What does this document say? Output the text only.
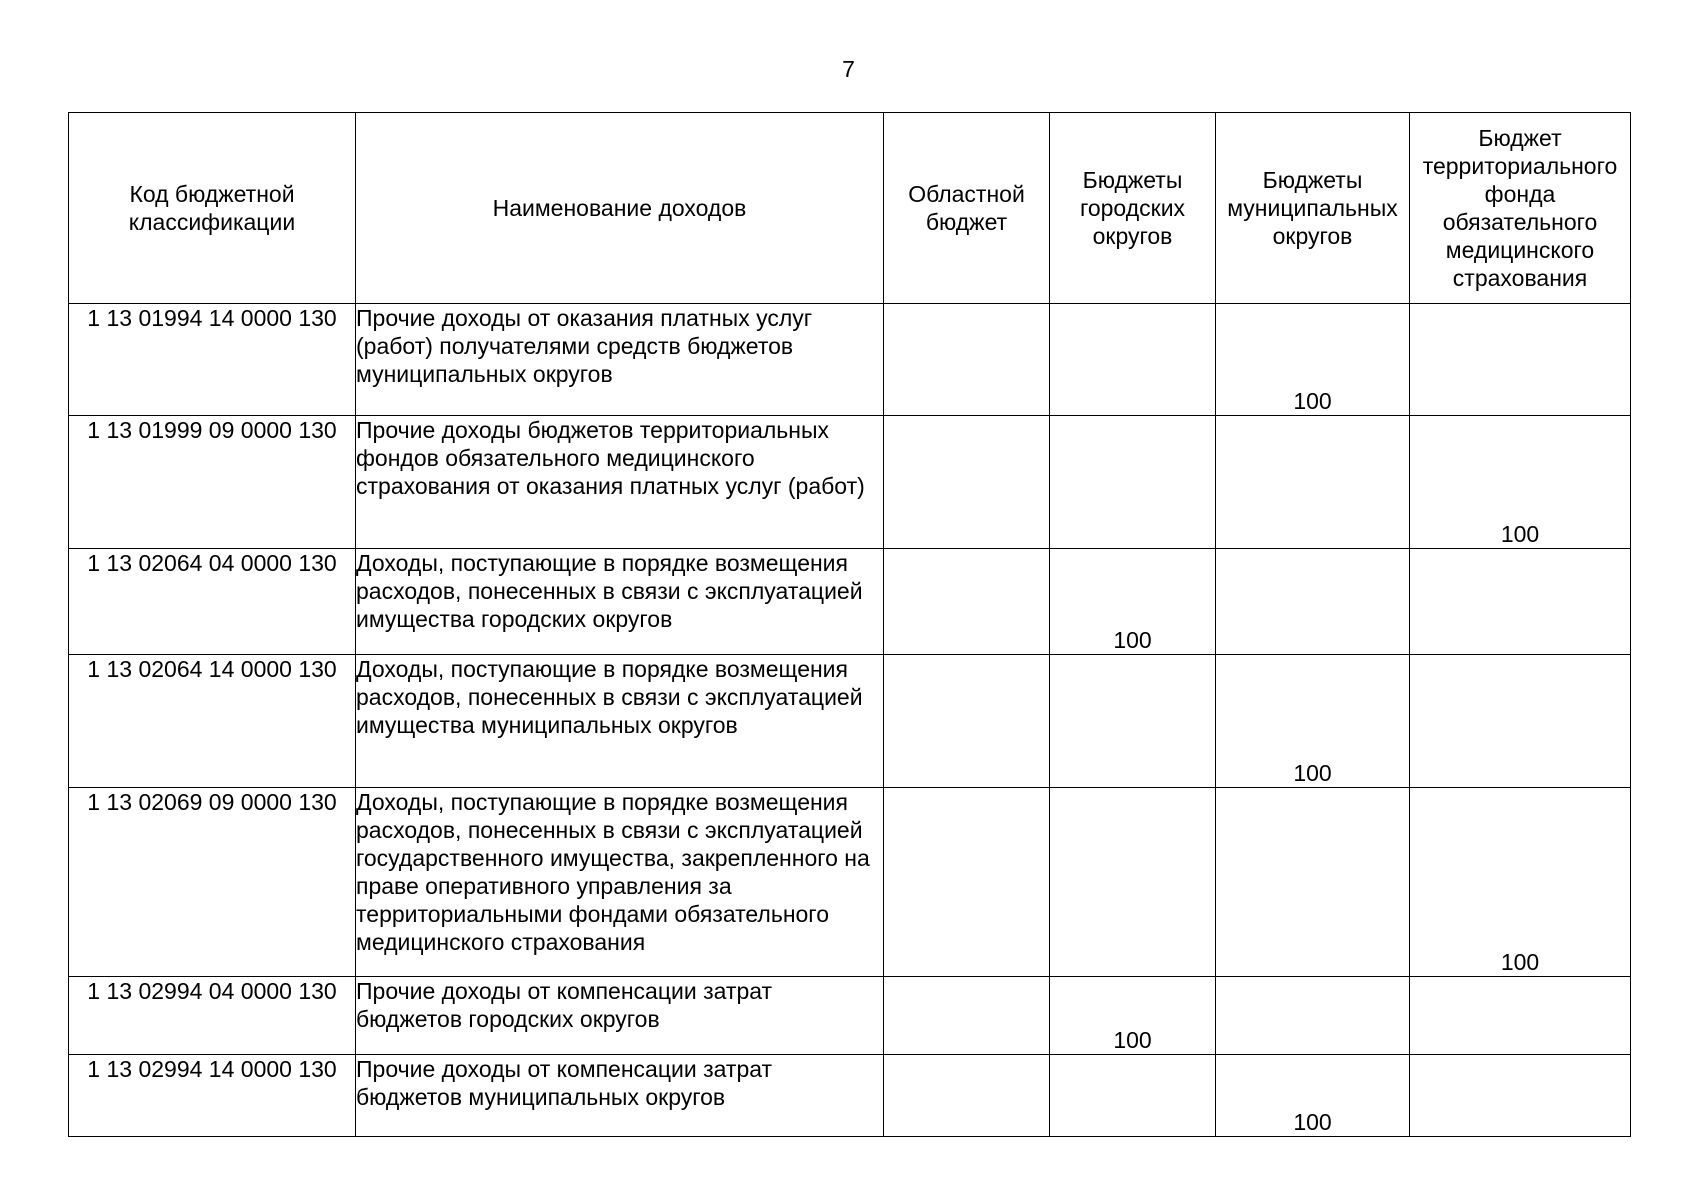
7
Код бюджетной классификации	Наименование доходов	Областной бюджет	Бюджеты городских округов	Бюджеты муниципальных округов	Бюджет территориального фонда обязательного медицинского страхования
1 13 01994 14 0000 130	Прочие доходы от оказания платных услуг (работ) получателями средств бюджетов муниципальных округов			100	
1 13 01999 09 0000 130	Прочие доходы бюджетов территориальных фондов обязательного медицинского страхования от оказания платных услуг (работ)				100
1 13 02064 04 0000 130	Доходы, поступающие в порядке возмещения расходов, понесенных в связи с эксплуатацией имущества городских округов		100		
1 13 02064 14 0000 130	Доходы, поступающие в порядке возмещения расходов, понесенных в связи с эксплуатацией имущества муниципальных округов			100	
1 13 02069 09 0000 130	Доходы, поступающие в порядке возмещения расходов, понесенных в связи с эксплуатацией государственного имущества, закрепленного на праве оперативного управления за территориальными фондами обязательного медицинского страхования				100
1 13 02994 04 0000 130	Прочие доходы от компенсации затрат бюджетов городских округов		100		
1 13 02994 14 0000 130	Прочие доходы от компенсации затрат бюджетов муниципальных округов			100	
